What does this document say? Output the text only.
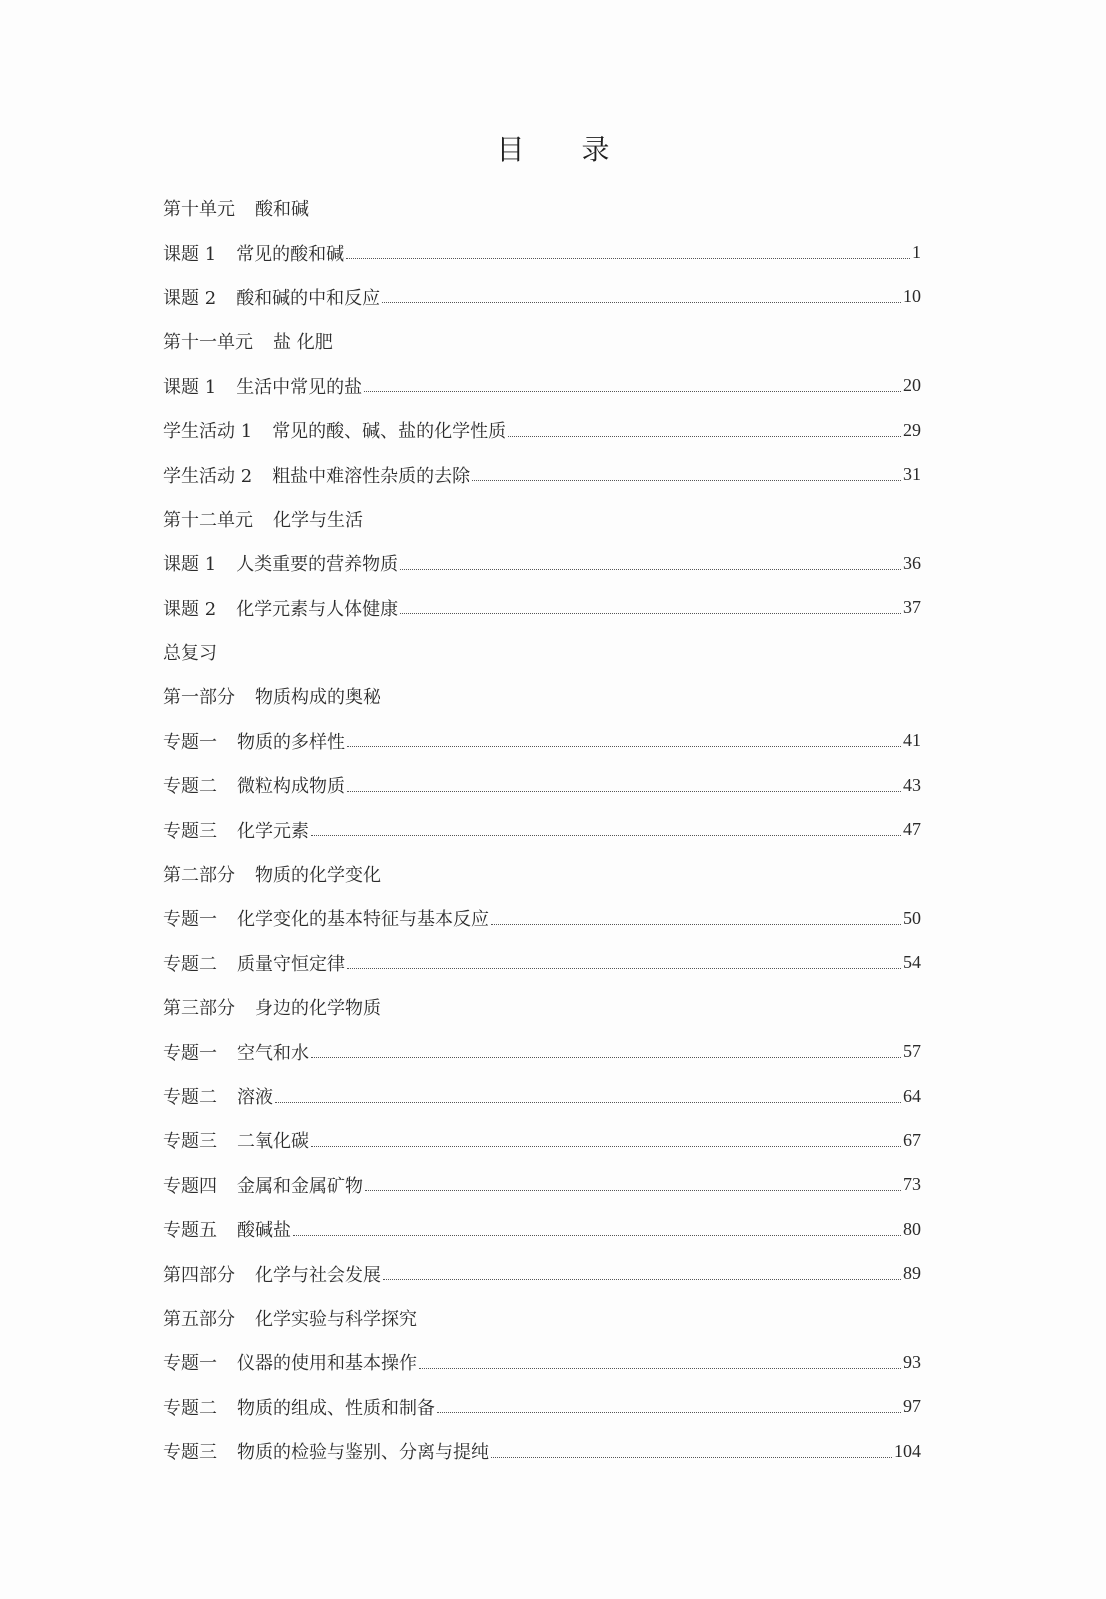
目 录
第十单元 酸和碱
课题 1 常见的酸和碱	1
课题 2 酸和碱的中和反应	10
第十一单元 盐 化肥
课题 1 生活中常见的盐	20
学生活动 1 常见的酸、碱、盐的化学性质	29
学生活动 2 粗盐中难溶性杂质的去除	31
第十二单元 化学与生活
课题 1 人类重要的营养物质	36
课题 2 化学元素与人体健康	37
总复习
第一部分 物质构成的奥秘
专题一 物质的多样性	41
专题二 微粒构成物质	43
专题三 化学元素	47
第二部分 物质的化学变化
专题一 化学变化的基本特征与基本反应	50
专题二 质量守恒定律	54
第三部分 身边的化学物质
专题一 空气和水	57
专题二 溶液	64
专题三 二氧化碳	67
专题四 金属和金属矿物	73
专题五 酸碱盐	80
第四部分 化学与社会发展	89
第五部分 化学实验与科学探究
专题一 仪器的使用和基本操作	93
专题二 物质的组成、性质和制备	97
专题三 物质的检验与鉴别、分离与提纯	104
